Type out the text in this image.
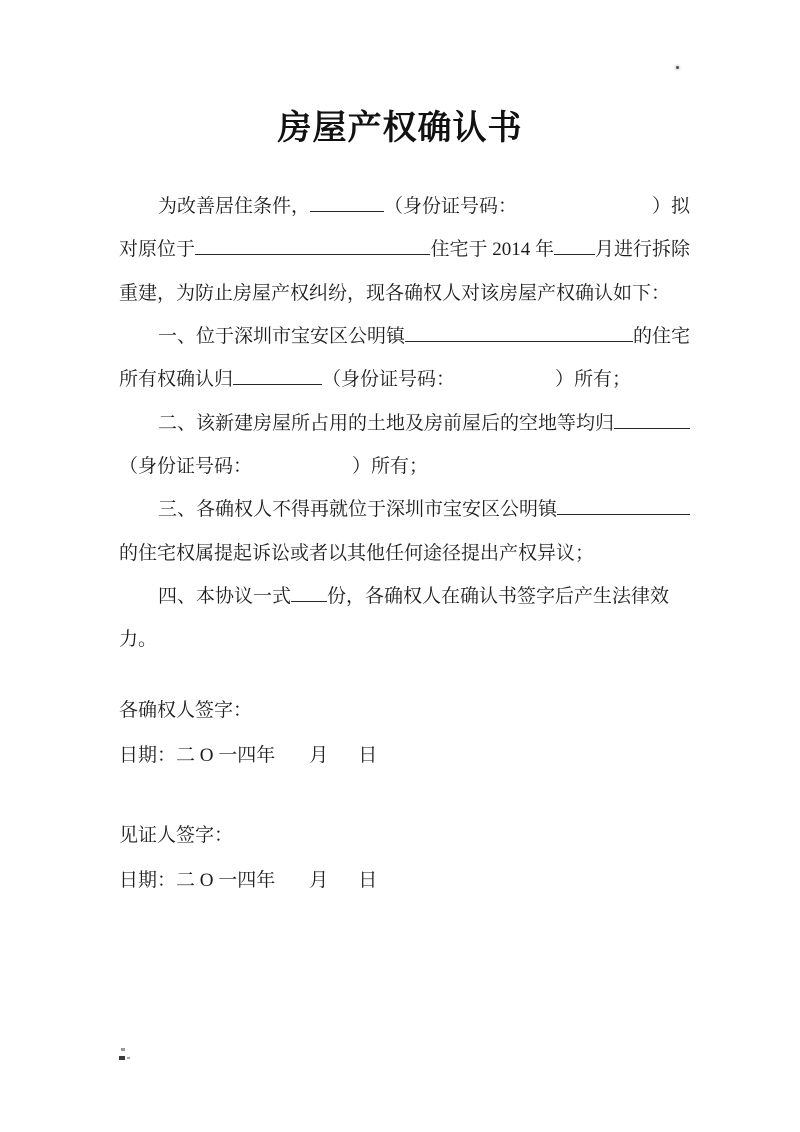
房屋产权确认书
为改善居住条件，	（身份证号码：	）拟
对原位于	住宅于 2014 年 月进行拆除
重建，为防止房屋产权纠纷，现各确权人对该房屋产权确认如下：
一、位于深圳市宝安区公明镇	的住宅
所有权确认归	（身份证号码：	）所有；
二、该新建房屋所占用的土地及房前屋后的空地等均归
（身份证号码：	）所有；
三、各确权人不得再就位于深圳市宝安区公明镇
的住宅权属提起诉讼或者以其他任何途径提出产权异议；
四、本协议一式 份，各确权人在确认书签字后产生法律效
力。
各确权人签字：
日期：二 O 一四年 月 日
见证人签字：
日期：二 O 一四年 月 日
